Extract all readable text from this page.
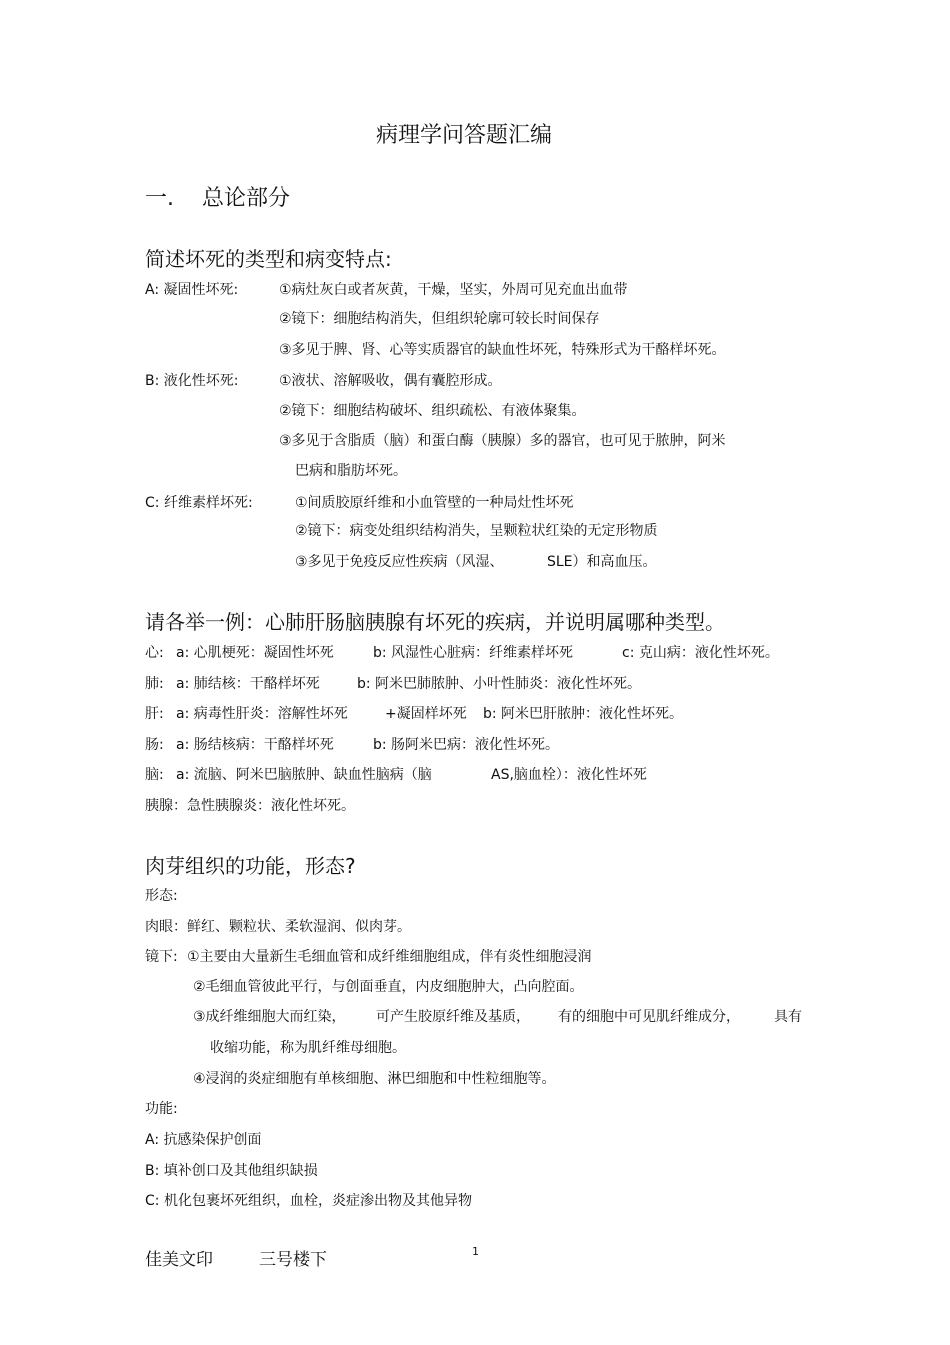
病理学问答题汇编
一. 总论部分
简述坏死的类型和病变特点:
A: 凝固性坏死:	①病灶灰白或者灰黄，干燥，坚实，外周可见充血出血带
②镜下：细胞结构消失，但组织轮廓可较长时间保存
③多见于脾、肾、心等实质器官的缺血性坏死，特殊形式为干酪样坏死。
B: 液化性坏死:	①液状、溶解吸收，偶有囊腔形成。
②镜下：细胞结构破坏、组织疏松、有液体聚集。
③多见于含脂质（脑）和蛋白酶（胰腺）多的器官，也可见于脓肿，阿米
巴病和脂肪坏死。
C: 纤维素样坏死:	①间质胶原纤维和小血管壁的一种局灶性坏死
②镜下：病变处组织结构消失，呈颗粒状红染的无定形物质
③多见于免疫反应性疾病（风湿、	SLE）和高血压。
请各举一例：心肺肝肠脑胰腺有坏死的疾病，并说明属哪种类型。
心: a: 心肌梗死：凝固性坏死	b: 风湿性心脏病：纤维素样坏死	c: 克山病：液化性坏死。
肺: a: 肺结核：干酪样坏死	b: 阿米巴肺脓肿、小叶性肺炎：液化性坏死。
肝: a: 病毒性肝炎：溶解性坏死	+凝固样坏死 b: 阿米巴肝脓肿：液化性坏死。
肠: a: 肠结核病：干酪样坏死	b: 肠阿米巴病：液化性坏死。
脑: a: 流脑、阿米巴脑脓肿、缺血性脑病（脑	AS,脑血栓）：液化性坏死
胰腺：急性胰腺炎：液化性坏死。
肉芽组织的功能，形态?
形态:
肉眼：鲜红、颗粒状、柔软湿润、似肉芽。
镜下: ①主要由大量新生毛细血管和成纤维细胞组成，伴有炎性细胞浸润
②毛细血管彼此平行，与创面垂直，内皮细胞肿大，凸向腔面。
③成纤维细胞大而红染， 可产生胶原纤维及基质， 有的细胞中可见肌纤维成分， 具有
收缩功能，称为肌纤维母细胞。
④浸润的炎症细胞有单核细胞、淋巴细胞和中性粒细胞等。
功能:
A: 抗感染保护创面
B: 填补创口及其他组织缺损
C: 机化包裹坏死组织，血栓，炎症渗出物及其他异物
佳美文印	三号楼下	1
